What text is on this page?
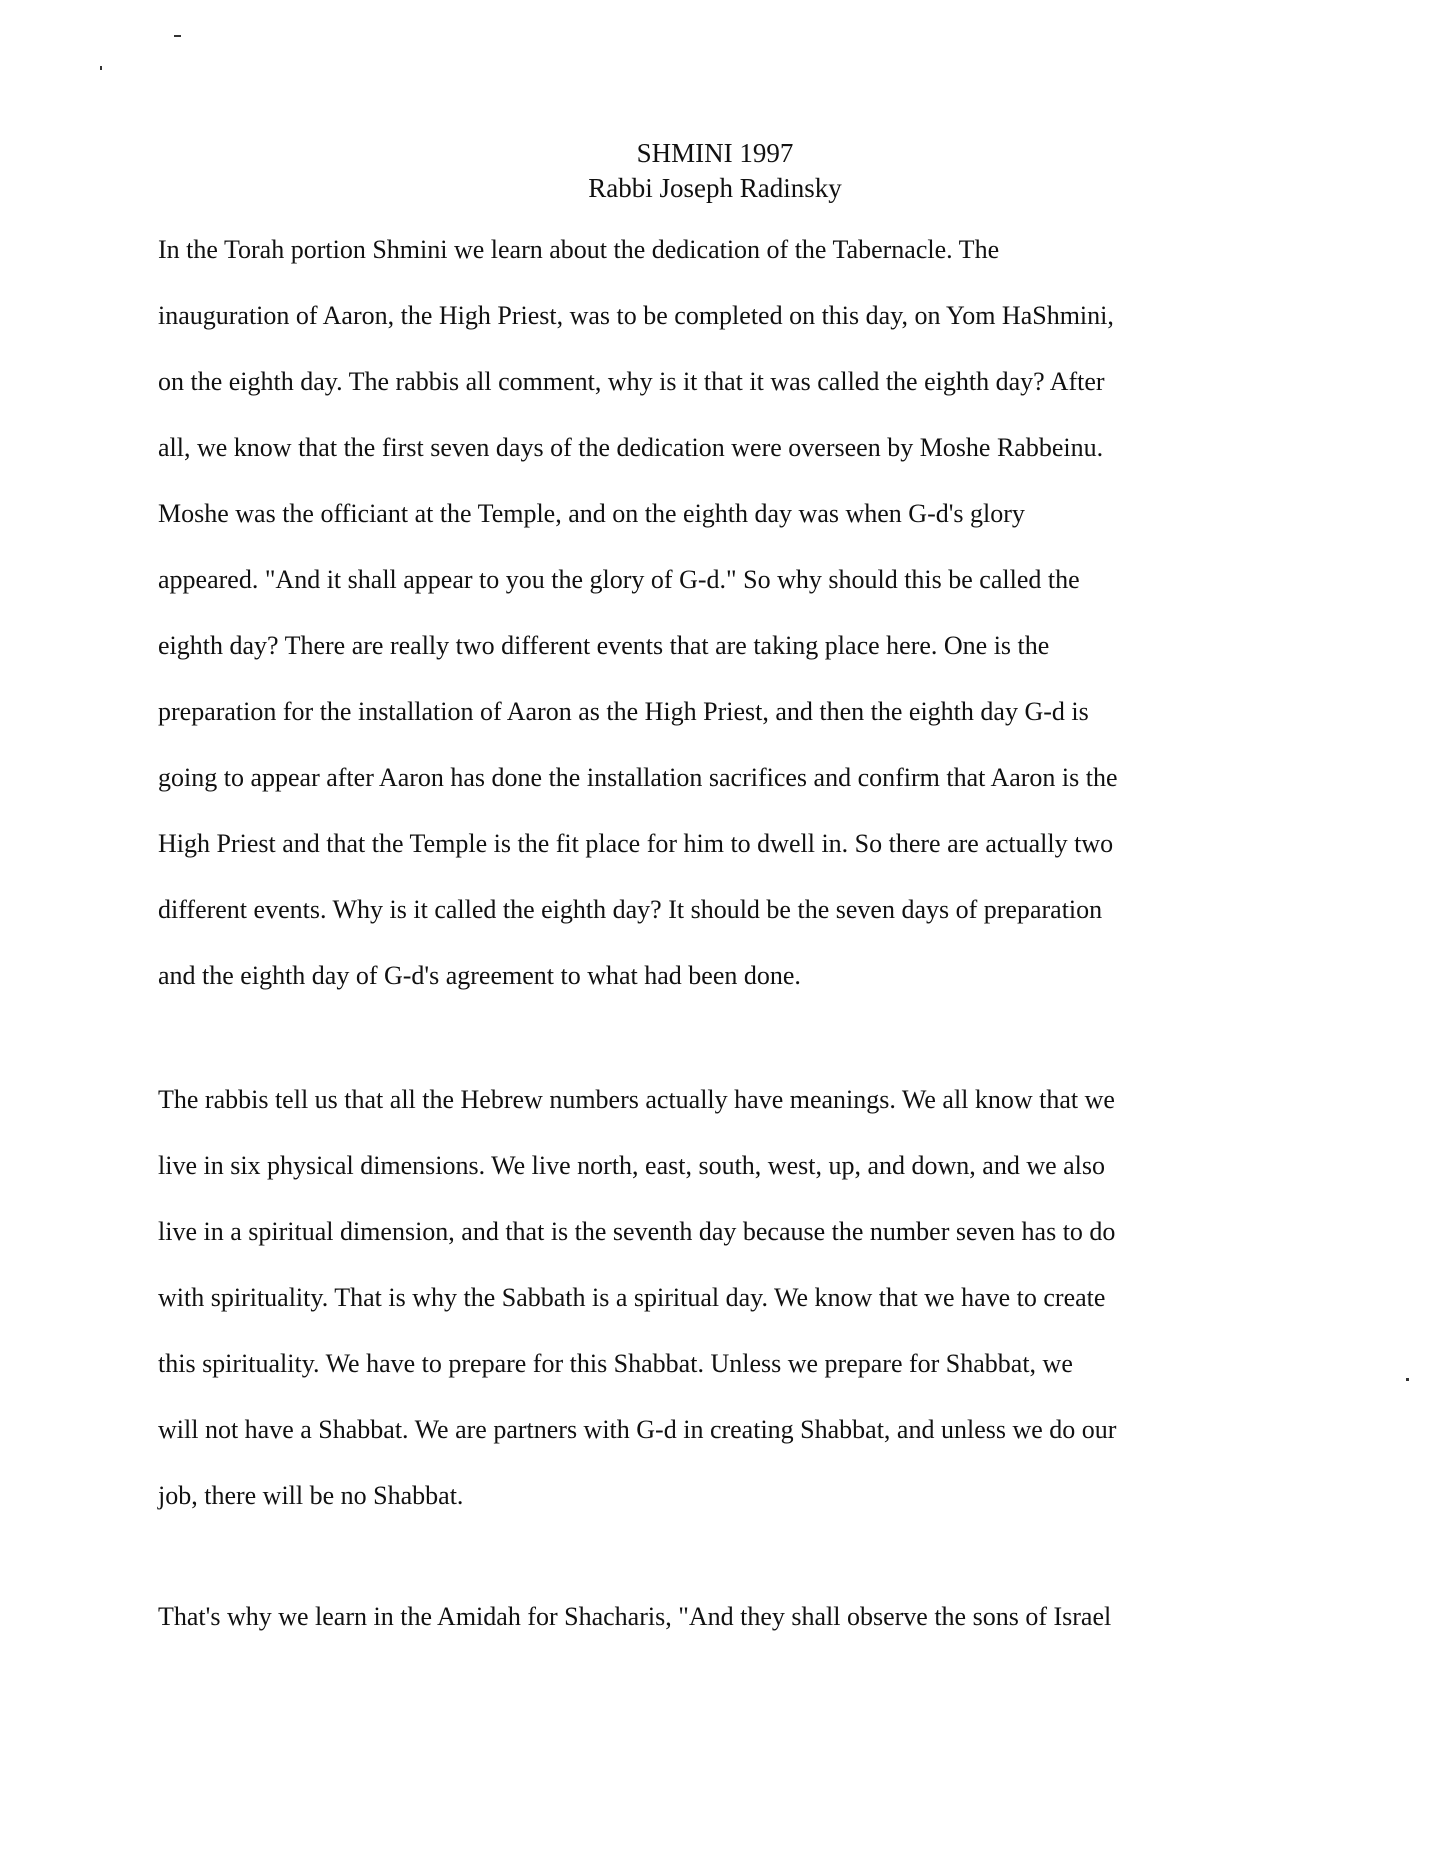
SHMINI 1997
Rabbi Joseph Radinsky
In the Torah portion Shmini we learn about the dedication of the Tabernacle. The
inauguration of Aaron, the High Priest, was to be completed on this day, on Yom HaShmini,
on the eighth day. The rabbis all comment, why is it that it was called the eighth day? After
all, we know that the first seven days of the dedication were overseen by Moshe Rabbeinu.
Moshe was the officiant at the Temple, and on the eighth day was when G-d's glory
appeared. "And it shall appear to you the glory of G-d." So why should this be called the
eighth day? There are really two different events that are taking place here. One is the
preparation for the installation of Aaron as the High Priest, and then the eighth day G-d is
going to appear after Aaron has done the installation sacrifices and confirm that Aaron is the
High Priest and that the Temple is the fit place for him to dwell in. So there are actually two
different events. Why is it called the eighth day? It should be the seven days of preparation
and the eighth day of G-d's agreement to what had been done.
The rabbis tell us that all the Hebrew numbers actually have meanings. We all know that we
live in six physical dimensions. We live north, east, south, west, up, and down, and we also
live in a spiritual dimension, and that is the seventh day because the number seven has to do
with spirituality. That is why the Sabbath is a spiritual day. We know that we have to create
this spirituality. We have to prepare for this Shabbat. Unless we prepare for Shabbat, we
will not have a Shabbat. We are partners with G-d in creating Shabbat, and unless we do our
job, there will be no Shabbat.
That's why we learn in the Amidah for Shacharis, "And they shall observe the sons of Israel
